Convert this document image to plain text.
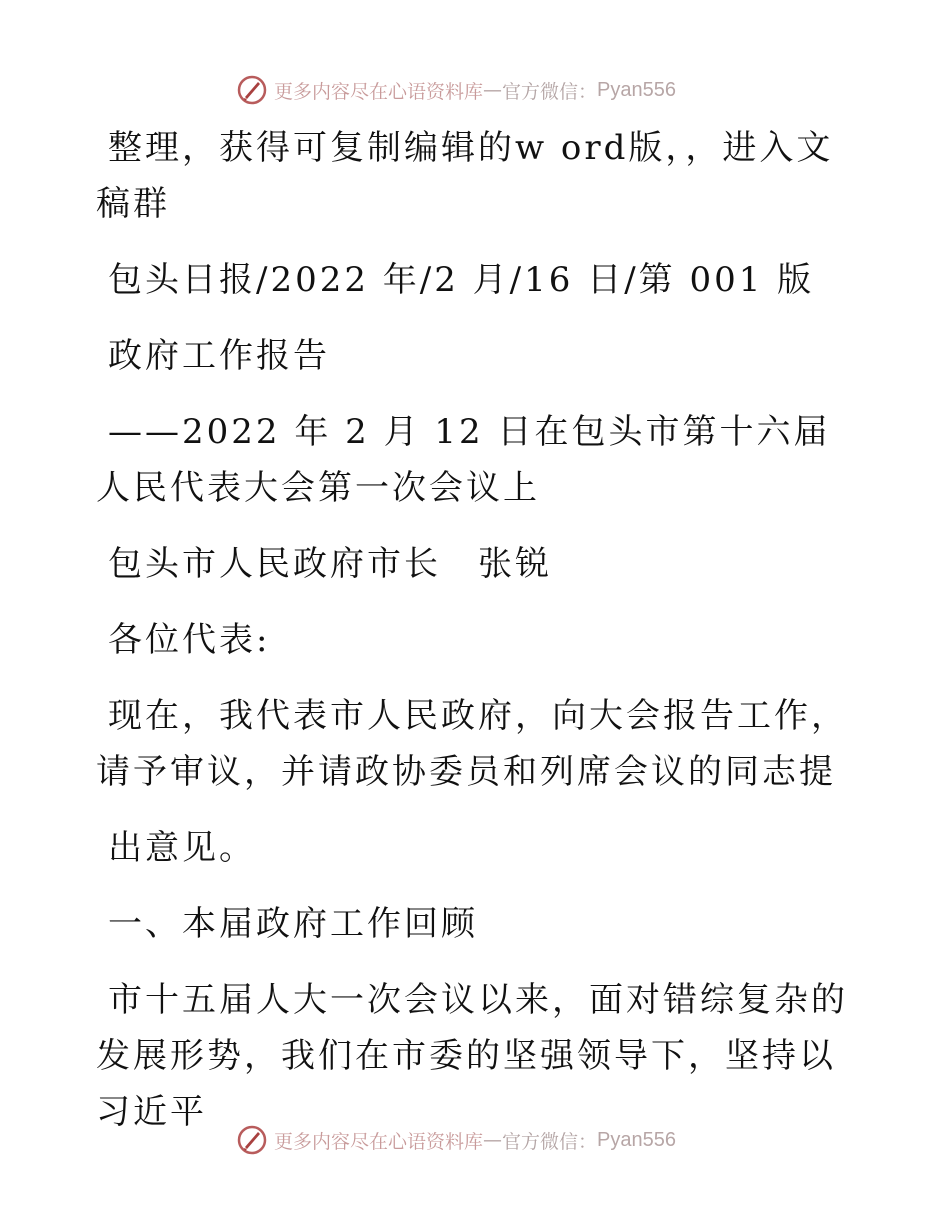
更多内容尽在心语资料库 — 官方微信： Pyan556

整理，获得可复制编辑的w ord版，，进入文稿群

包头日报/2022 年/2 月/16 日/第 001 版

政府工作报告

——2022 年 2 月 12 日在包头市第十六届人民代表大会第一次会议上

包头市人民政府市长　张锐

各位代表:

现在，我代表市人民政府，向大会报告工作，请予审议，并请政协委员和列席会议的同志提

出意见。

一、本届政府工作回顾

市十五届人大一次会议以来，面对错综复杂的发展形势，我们在市委的坚强领导下，坚持以习近平

更多内容尽在心语资料库 — 官方微信： Pyan556
